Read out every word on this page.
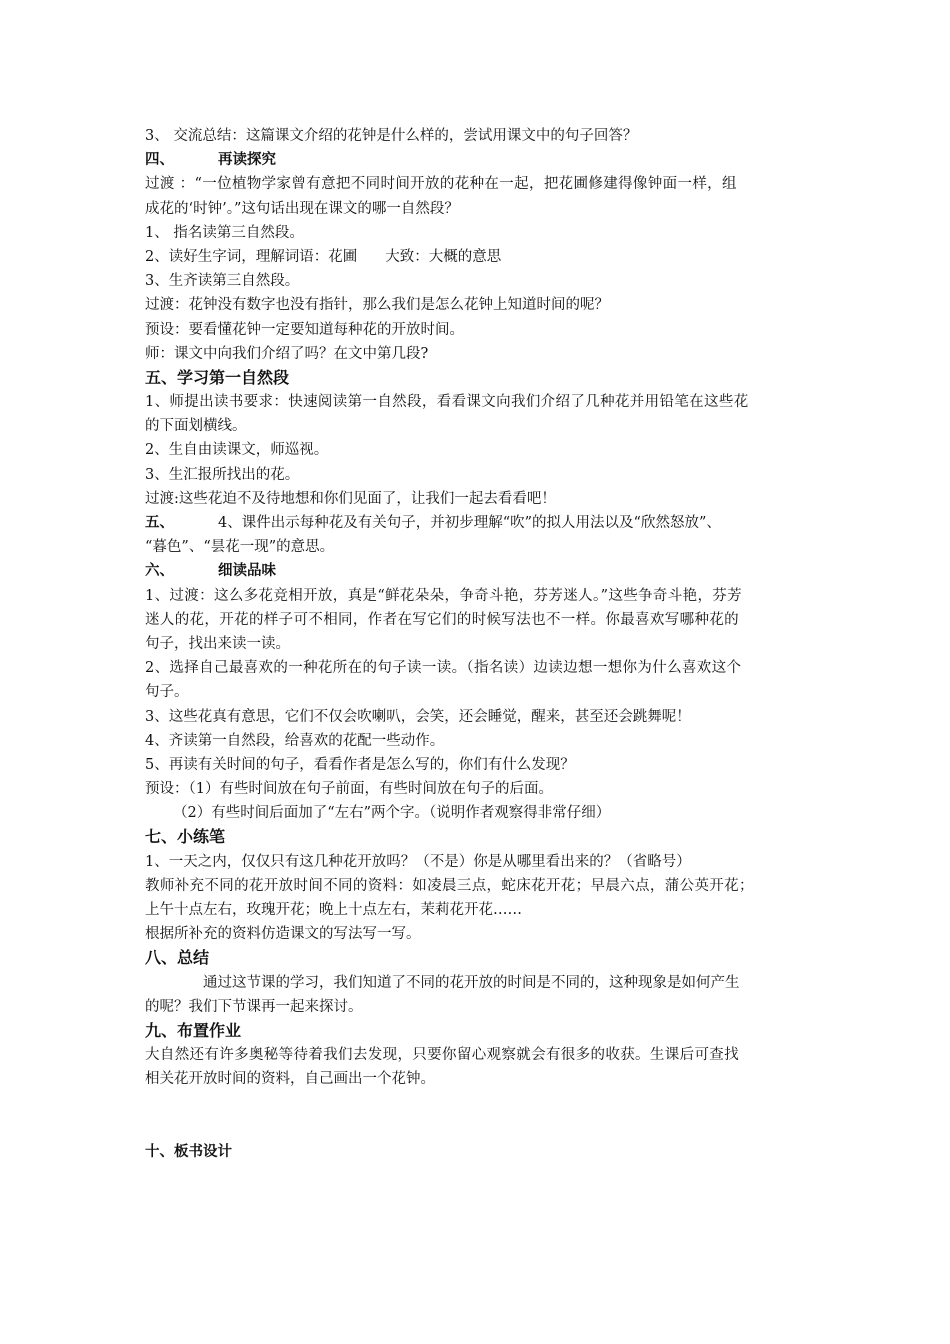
3、 交流总结：这篇课文介绍的花钟是什么样的，尝试用课文中的句子回答？

四、	再读探究

过渡 ：“一位植物学家曾有意把不同时间开放的花种在一起，把花圃修建得像钟面一样，组

成花的‘时钟’。”这句话出现在课文的哪一自然段？

1、 指名读第三自然段。

2、读好生字词，理解词语：花圃 大致：大概的意思

3、生齐读第三自然段。

过渡：花钟没有数字也没有指针，那么我们是怎么花钟上知道时间的呢？

预设：要看懂花钟一定要知道每种花的开放时间。

师：课文中向我们介绍了吗？在文中第几段?

五、学习第一自然段

1、师提出读书要求：快速阅读第一自然段，看看课文向我们介绍了几种花并用铅笔在这些花

的下面划横线。

2、生自由读课文，师巡视。

3、生汇报所找出的花。

过渡:这些花迫不及待地想和你们见面了，让我们一起去看看吧！

五、	4、课件出示每种花及有关句子，并初步理解“吹”的拟人用法以及“欣然怒放”、

“暮色”、“昙花一现”的意思。

六、	细读品味

1、过渡：这么多花竞相开放，真是“鲜花朵朵，争奇斗艳，芬芳迷人。”这些争奇斗艳，芬芳

迷人的花，开花的样子可不相同，作者在写它们的时候写法也不一样。你最喜欢写哪种花的

句子，找出来读一读。

2、选择自己最喜欢的一种花所在的句子读一读。（指名读）边读边想一想你为什么喜欢这个

句子。

3、这些花真有意思，它们不仅会吹喇叭，会笑，还会睡觉，醒来，甚至还会跳舞呢！

4、齐读第一自然段，给喜欢的花配一些动作。

5、再读有关时间的句子，看看作者是怎么写的，你们有什么发现？

预设：（1）有些时间放在句子前面，有些时间放在句子的后面。

（2）有些时间后面加了“左右”两个字。（说明作者观察得非常仔细）

七、小练笔

1、一天之内，仅仅只有这几种花开放吗？（不是）你是从哪里看出来的？（省略号）

教师补充不同的花开放时间不同的资料：如凌晨三点，蛇床花开花；早晨六点，蒲公英开花；

上午十点左右，玫瑰开花；晚上十点左右，茉莉花开花……

根据所补充的资料仿造课文的写法写一写。

八、总结

通过这节课的学习，我们知道了不同的花开放的时间是不同的，这种现象是如何产生

的呢？我们下节课再一起来探讨。

九、布置作业

大自然还有许多奥秘等待着我们去发现，只要你留心观察就会有很多的收获。生课后可查找

相关花开放时间的资料，自己画出一个花钟。

十、板书设计
